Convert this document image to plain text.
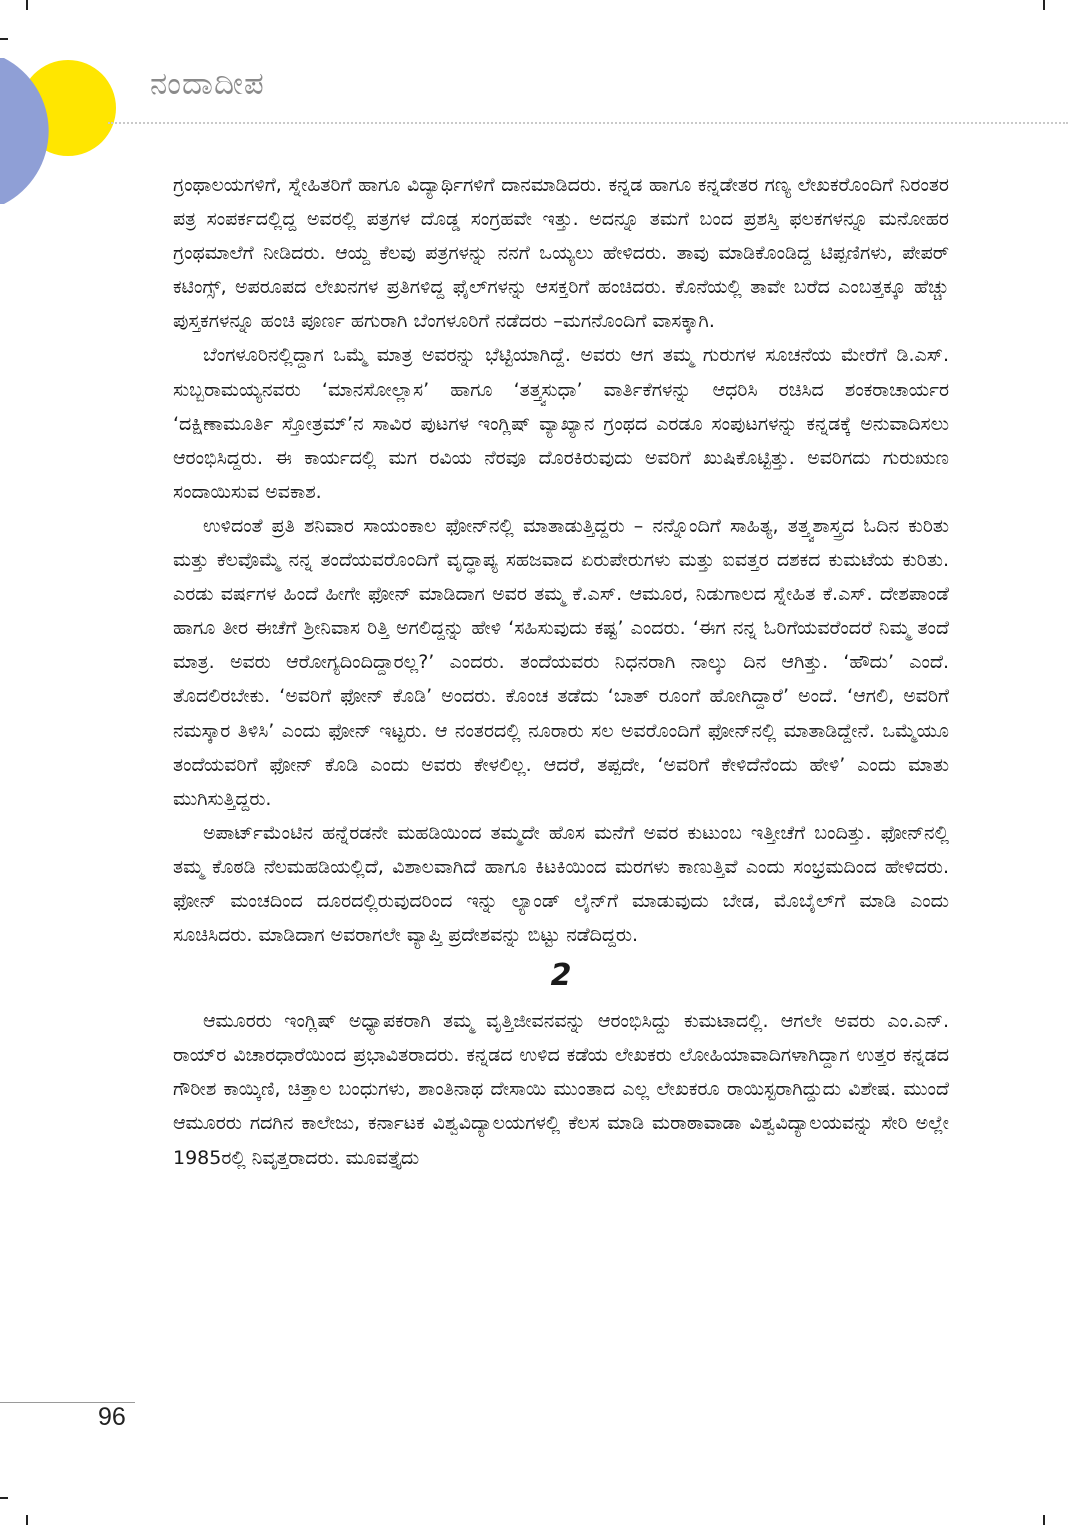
ನಂದಾದೀಪ

ಗ್ರಂಥಾಲಯಗಳಿಗೆ, ಸ್ನೇಹಿತರಿಗೆ ಹಾಗೂ ವಿದ್ಯಾರ್ಥಿಗಳಿಗೆ ದಾನಮಾಡಿದರು. ಕನ್ನಡ ಹಾಗೂ ಕನ್ನಡೇತರ ಗಣ್ಯ ಲೇಖಕರೊಂದಿಗೆ ನಿರಂತರ ಪತ್ರ ಸಂಪರ್ಕದಲ್ಲಿದ್ದ ಅವರಲ್ಲಿ ಪತ್ರಗಳ ದೊಡ್ಡ ಸಂಗ್ರಹವೇ ಇತ್ತು. ಅದನ್ನೂ ತಮಗೆ ಬಂದ ಪ್ರಶಸ್ತಿ ಫಲಕಗಳನ್ನೂ ಮನೋಹರ ಗ್ರಂಥಮಾಲೆಗೆ ನೀಡಿದರು. ಆಯ್ದ ಕೆಲವು ಪತ್ರಗಳನ್ನು ನನಗೆ ಒಯ್ಯಲು ಹೇಳಿದರು. ತಾವು ಮಾಡಿಕೊಂಡಿದ್ದ ಟಿಪ್ಪಣಿಗಳು, ಪೇಪರ್ ಕಟಿಂಗ್ಸ್, ಅಪರೂಪದ ಲೇಖನಗಳ ಪ್ರತಿಗಳಿದ್ದ ಫೈಲ್‌ಗಳನ್ನು ಆಸಕ್ತರಿಗೆ ಹಂಚಿದರು. ಕೊನೆಯಲ್ಲಿ ತಾವೇ ಬರೆದ ಎಂಬತ್ತಕ್ಕೂ ಹೆಚ್ಚು ಪುಸ್ತಕಗಳನ್ನೂ ಹಂಚಿ ಪೂರ್ಣ ಹಗುರಾಗಿ ಬೆಂಗಳೂರಿಗೆ ನಡೆದರು –ಮಗನೊಂದಿಗೆ ವಾಸಕ್ಕಾಗಿ.

ಬೆಂಗಳೂರಿನಲ್ಲಿದ್ದಾಗ ಒಮ್ಮೆ ಮಾತ್ರ ಅವರನ್ನು ಭೆಟ್ಟಿಯಾಗಿದ್ದೆ. ಅವರು ಆಗ ತಮ್ಮ ಗುರುಗಳ ಸೂಚನೆಯ ಮೇರೆಗೆ ಡಿ.ಎಸ್. ಸುಬ್ಬರಾಮಯ್ಯನವರು ‘ಮಾನಸೋಲ್ಲಾಸ’ ಹಾಗೂ ‘ತತ್ತ್ವಸುಧಾ’ ವಾರ್ತಿಕೆಗಳನ್ನು ಆಧರಿಸಿ ರಚಿಸಿದ ಶಂಕರಾಚಾರ್ಯರ ‘ದಕ್ಷಿಣಾಮೂರ್ತಿ ಸ್ತೋತ್ರಮ್’ನ ಸಾವಿರ ಪುಟಗಳ ಇಂಗ್ಲಿಷ್ ವ್ಯಾಖ್ಯಾನ ಗ್ರಂಥದ ಎರಡೂ ಸಂಪುಟಗಳನ್ನು ಕನ್ನಡಕ್ಕೆ ಅನುವಾದಿಸಲು ಆರಂಭಿಸಿದ್ದರು. ಈ ಕಾರ್ಯದಲ್ಲಿ ಮಗ ರವಿಯ ನೆರವೂ ದೊರಕಿರುವುದು ಅವರಿಗೆ ಖುಷಿಕೊಟ್ಟಿತ್ತು. ಅವರಿಗದು ಗುರುಋಣ ಸಂದಾಯಿಸುವ ಅವಕಾಶ.

ಉಳಿದಂತೆ ಪ್ರತಿ ಶನಿವಾರ ಸಾಯಂಕಾಲ ಫೋನ್‌ನಲ್ಲಿ ಮಾತಾಡುತ್ತಿದ್ದರು – ನನ್ನೊಂದಿಗೆ ಸಾಹಿತ್ಯ, ತತ್ತ್ವಶಾಸ್ತ್ರದ ಓದಿನ ಕುರಿತು ಮತ್ತು ಕೆಲವೊಮ್ಮೆ ನನ್ನ ತಂದೆಯವರೊಂದಿಗೆ ವೃದ್ಧಾಪ್ಯ ಸಹಜವಾದ ಏರುಪೇರುಗಳು ಮತ್ತು ಐವತ್ತರ ದಶಕದ ಕುಮಟೆಯ ಕುರಿತು. ಎರಡು ವರ್ಷಗಳ ಹಿಂದೆ ಹೀಗೇ ಫೋನ್ ಮಾಡಿದಾಗ ಅವರ ತಮ್ಮ ಕೆ.ಎಸ್. ಆಮೂರ, ನಿಡುಗಾಲದ ಸ್ನೇಹಿತ ಕೆ.ಎಸ್. ದೇಶಪಾಂಡೆ ಹಾಗೂ ತೀರ ಈಚೆಗೆ ಶ್ರೀನಿವಾಸ ರಿತ್ತಿ ಅಗಲಿದ್ದನ್ನು ಹೇಳಿ ‘ಸಹಿಸುವುದು ಕಷ್ಟ’ ಎಂದರು. ‘ಈಗ ನನ್ನ ಓರಿಗೆಯವರೆಂದರೆ ನಿಮ್ಮ ತಂದೆ ಮಾತ್ರ. ಅವರು ಆರೋಗ್ಯದಿಂದಿದ್ದಾರಲ್ಲ?’ ಎಂದರು. ತಂದೆಯವರು ನಿಧನರಾಗಿ ನಾಲ್ಕು ದಿನ ಆಗಿತ್ತು. ‘ಹೌದು’ ಎಂದೆ. ತೊದಲಿರಬೇಕು. ‘ಅವರಿಗೆ ಫೋನ್ ಕೊಡಿ’ ಅಂದರು. ಕೊಂಚ ತಡೆದು ‘ಬಾತ್ ರೂಂಗೆ ಹೋಗಿದ್ದಾರೆ’ ಅಂದೆ. ‘ಆಗಲಿ, ಅವರಿಗೆ ನಮಸ್ಕಾರ ತಿಳಿಸಿ’ ಎಂದು ಫೋನ್ ಇಟ್ಟರು. ಆ ನಂತರದಲ್ಲಿ ನೂರಾರು ಸಲ ಅವರೊಂದಿಗೆ ಫೋನ್‌ನಲ್ಲಿ ಮಾತಾಡಿದ್ದೇನೆ. ಒಮ್ಮೆಯೂ ತಂದೆಯವರಿಗೆ ಫೋನ್ ಕೊಡಿ ಎಂದು ಅವರು ಕೇಳಲಿಲ್ಲ. ಆದರೆ, ತಪ್ಪದೇ, ‘ಅವರಿಗೆ ಕೇಳಿದೆನೆಂದು ಹೇಳಿ’ ಎಂದು ಮಾತು ಮುಗಿಸುತ್ತಿದ್ದರು.

ಅಪಾರ್ಟ್‌ಮೆಂಟಿನ ಹನ್ನೆರಡನೇ ಮಹಡಿಯಿಂದ ತಮ್ಮದೇ ಹೊಸ ಮನೆಗೆ ಅವರ ಕುಟುಂಬ ಇತ್ತೀಚೆಗೆ ಬಂದಿತ್ತು. ಫೋನ್‌ನಲ್ಲಿ ತಮ್ಮ ಕೊಠಡಿ ನೆಲಮಹಡಿಯಲ್ಲಿದೆ, ವಿಶಾಲವಾಗಿದೆ ಹಾಗೂ ಕಿಟಕಿಯಿಂದ ಮರಗಳು ಕಾಣುತ್ತಿವೆ ಎಂದು ಸಂಭ್ರಮದಿಂದ ಹೇಳಿದರು. ಫೋನ್ ಮಂಚದಿಂದ ದೂರದಲ್ಲಿರುವುದರಿಂದ ಇನ್ನು ಲ್ಯಾಂಡ್ ಲೈನ್‌ಗೆ ಮಾಡುವುದು ಬೇಡ, ಮೊಬೈಲ್‌ಗೆ ಮಾಡಿ ಎಂದು ಸೂಚಿಸಿದರು. ಮಾಡಿದಾಗ ಅವರಾಗಲೇ ವ್ಯಾಪ್ತಿ ಪ್ರದೇಶವನ್ನು ಬಿಟ್ಟು ನಡೆದಿದ್ದರು.

2

ಆಮೂರರು ಇಂಗ್ಲಿಷ್ ಅಧ್ಯಾಪಕರಾಗಿ ತಮ್ಮ ವೃತ್ತಿಜೀವನವನ್ನು ಆರಂಭಿಸಿದ್ದು ಕುಮಟಾದಲ್ಲಿ. ಆಗಲೇ ಅವರು ಎಂ.ಎನ್. ರಾಯ್‌ರ ವಿಚಾರಧಾರೆಯಿಂದ ಪ್ರಭಾವಿತರಾದರು. ಕನ್ನಡದ ಉಳಿದ ಕಡೆಯ ಲೇಖಕರು ಲೋಹಿಯಾವಾದಿಗಳಾಗಿದ್ದಾಗ ಉತ್ತರ ಕನ್ನಡದ ಗೌರೀಶ ಕಾಯ್ಕಿಣಿ, ಚಿತ್ತಾಲ ಬಂಧುಗಳು, ಶಾಂತಿನಾಥ ದೇಸಾಯಿ ಮುಂತಾದ ಎಲ್ಲ ಲೇಖಕರೂ ರಾಯಿಸ್ಟರಾಗಿದ್ದುದು ವಿಶೇಷ. ಮುಂದೆ ಆಮೂರರು ಗದಗಿನ ಕಾಲೇಜು, ಕರ್ನಾಟಕ ವಿಶ್ವವಿದ್ಯಾಲಯಗಳಲ್ಲಿ ಕೆಲಸ ಮಾಡಿ ಮರಾಠಾವಾಡಾ ವಿಶ್ವವಿದ್ಯಾಲಯವನ್ನು ಸೇರಿ ಅಲ್ಲೇ 1985ರಲ್ಲಿ ನಿವೃತ್ತರಾದರು. ಮೂವತ್ತೈದು

96
